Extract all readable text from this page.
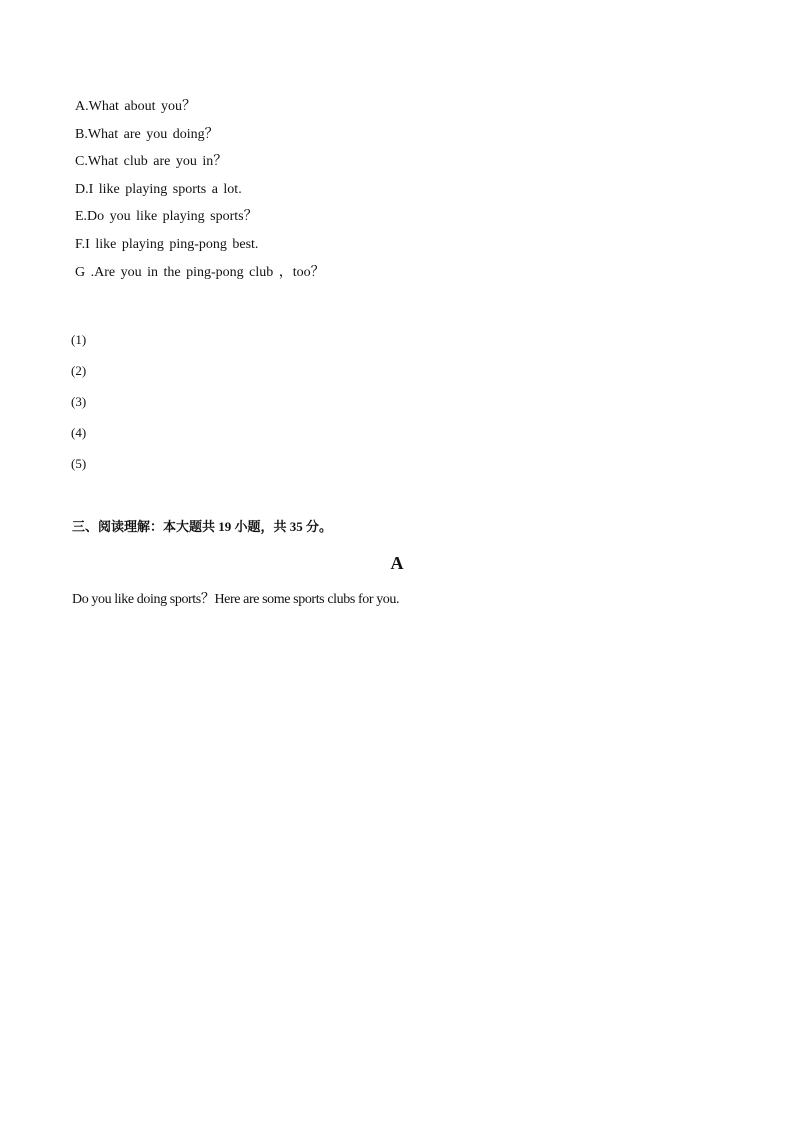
A.What about you？
B.What are you doing？
C.What club are you in？
D.I like playing sports a lot.
E.Do you like playing sports？
F.I like playing ping-pong best.
G .Are you in the ping-pong club ，too？
(1)
(2)
(3)
(4)
(5)

三、阅读理解：本大题共 19 小题，共 35 分。

A

Do you like doing sports？Here are some sports clubs for you.
